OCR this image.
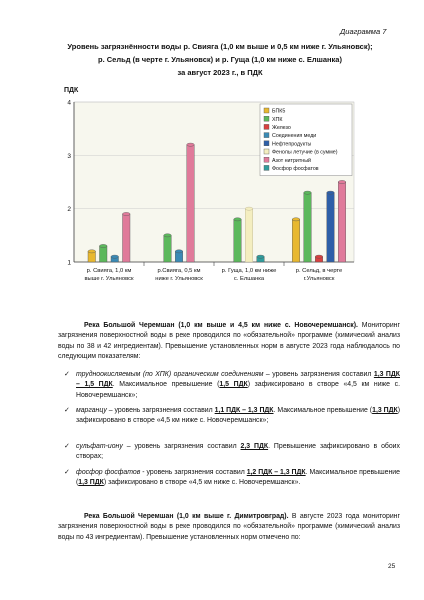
Диаграмма 7
Уровень загрязнённости воды р. Свияга (1,0 км выше и 0,5 км ниже г. Ульяновск);
р. Сельд (в черте г. Ульяновск) и р. Гуща (1,0 км ниже с. Елшанка)
за август 2023 г., в ПДК
ПДК
1
2
3
4
р. Свияга, 1,0 км
выше г. Ульяновск
р.Свияга, 0,5 км
ниже г. Ульяновск
р. Гуща, 1,0 км ниже
с. Елшанка
р. Сельд, в черте
г.Ульяновск
БПК5
ХПК
Железо
Соединения меди
Нефтепродукты
Фенолы летучие (в сумме)
Азот нитритный
Фосфор фосфатов
Река Большой Черемшан (1,0 км выше и 4,5 км ниже с. Новочеремшанск). Мониторинг загрязнения поверхностной воды в реке проводился по «обязательной» программе (химический анализ воды по 38 и 42 ингредиентам). Превышение установленных норм в августе 2023 года наблюдалось по следующим показателям:
✓ трудноокисляемым (по ХПК) органическим соединениям – уровень загрязнения составил 1,3 ПДК – 1,5 ПДК. Максимальное превышение (1,5 ПДК) зафиксировано в створе «4,5 км ниже с. Новочеремшанск»;
✓ марганцу – уровень загрязнения составил 1,1 ПДК – 1,3 ПДК. Максимальное превышение (1,3 ПДК) зафиксировано в створе «4,5 км ниже с. Новочеремшанск»;
✓ сульфат-иону – уровень загрязнения составил 2,3 ПДК. Превышение зафиксировано в обоих створах;
✓ фосфор фосфатов - уровень загрязнения составил 1,2 ПДК – 1,3 ПДК. Максимальное превышение (1,3 ПДК) зафиксировано в створе «4,5 км ниже с. Новочеремшанск».
Река Большой Черемшан (1,0 км выше г. Димитровград). В августе 2023 года мониторинг загрязнения поверхностной воды в реке проводился по «обязательной» программе (химический анализ воды по 43 ингредиентам). Превышение установленных норм отмечено по:
25
